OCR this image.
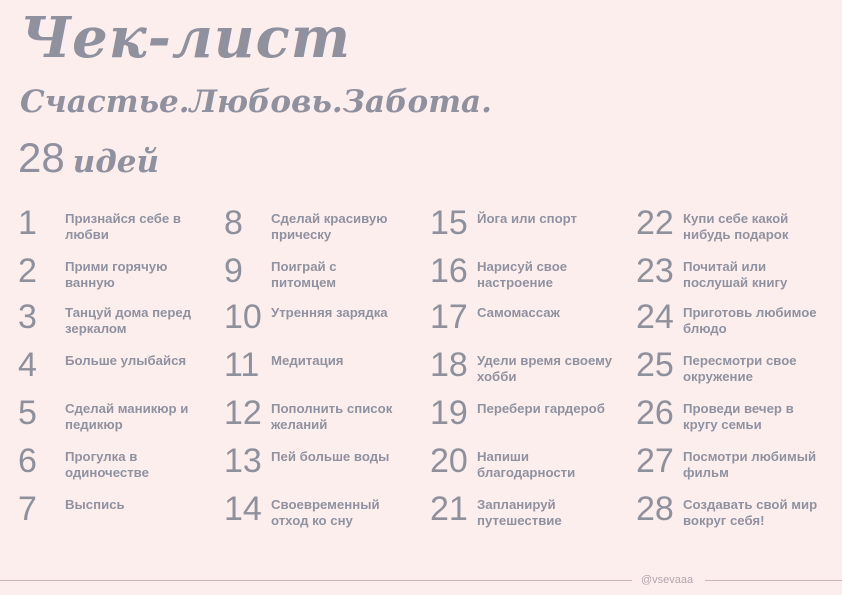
Чек-лист
Счастье.Любовь.Забота.
28 идей
1 Признайся себе в
любви
2 Прими горячую
ванную
3 Танцуй дома перед
зеркалом
4 Больше улыбайся
5 Сделай маникюр и
педикюр
6 Прогулка в
одиночестве
7 Выспись
8 Сделай красивую
прическу
9 Поиграй с
питомцем
10 Утренняя зарядка
11 Медитация
12 Пополнить список
желаний
13 Пей больше воды
14 Своевременный
отход ко сну
15 Йога или спорт
16 Нарисуй свое
настроение
17 Самомассаж
18 Удели время своему
хобби
19 Перебери гардероб
20 Напиши
благодарности
21 Запланируй
путешествие
22 Купи себе какой
нибудь подарок
23 Почитай или
послушай книгу
24 Приготовь любимое
блюдо
25 Пересмотри свое
окружение
26 Проведи вечер в
кругу семьи
27 Посмотри любимый
фильм
28 Создавать свой мир
вокруг себя!
@vsevaaa
